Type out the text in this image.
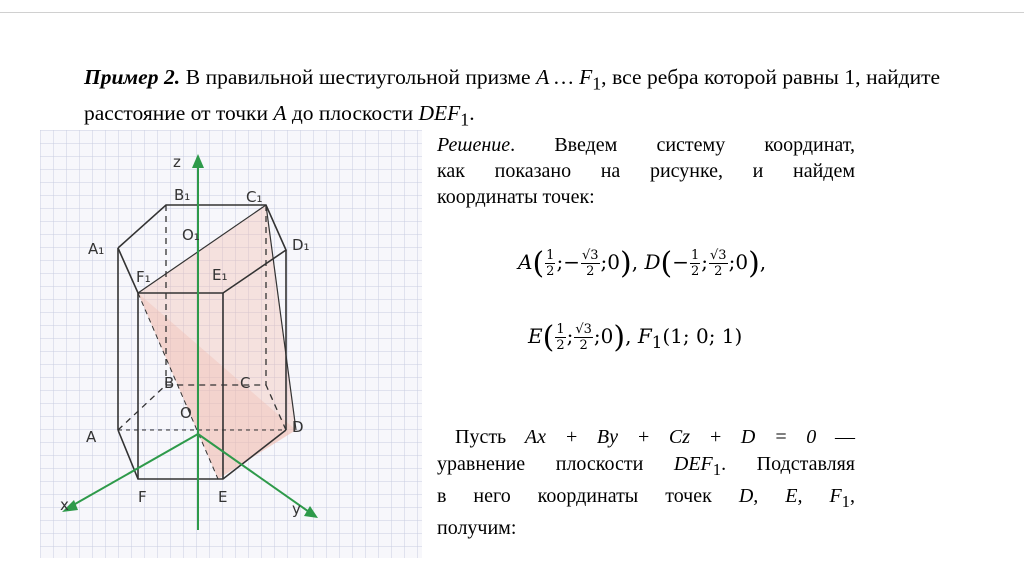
Пример 2. В правильной шестиугольной призме A … $F_1$, все ребра которой равны 1, найдите расстояние от точки A до плоскости $DEF_1$.
z
x	y
A₁
B₁	C₁
D₁
E₁
F₁
O₁
A
B	C
D
E
F
O
Решение. Введем систему координат,
как показано на рисунке, и найдем
координаты точек:
$A( \frac{1}{2}$ ;− $\frac{√3}{2}$ ;0), $D(- \frac{1}{2}$ ; $\frac{√3}{2}$ ;0),
$E( \frac{1}{2}$ ; $\frac{√3}{2}$ ;0), $F_1(1$; 0; 1)
Пусть Ax + By + Cz + D = 0 —
уравнение плоскости $DEF_1$. Подставляя
в него координаты точек D, E, $F_1$,
получим:
